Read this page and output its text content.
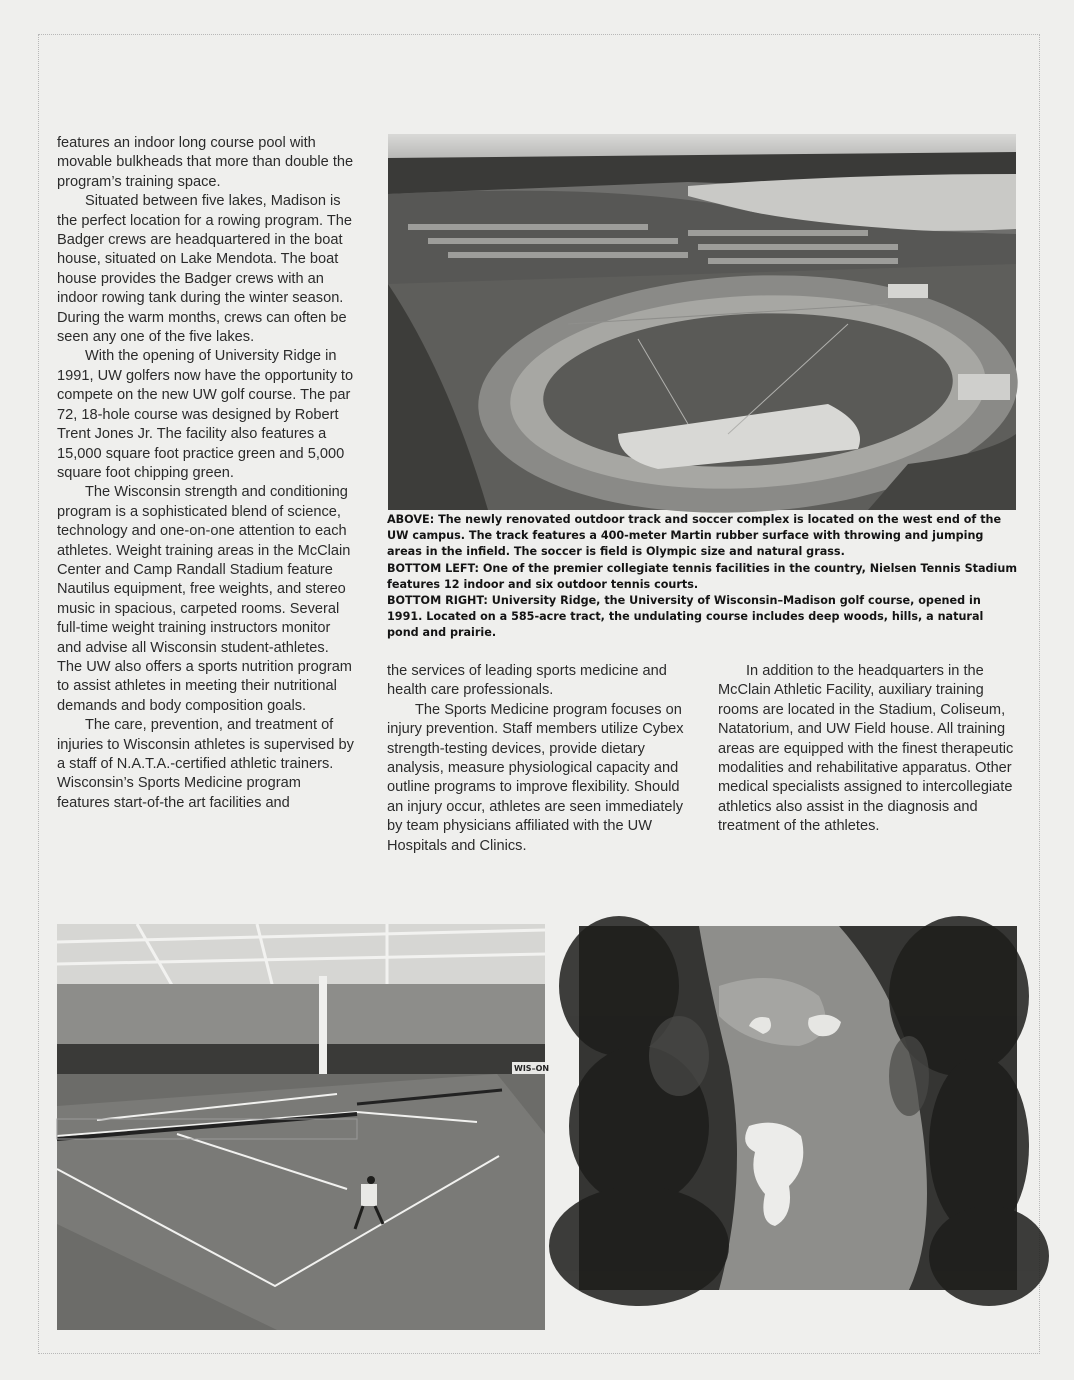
features an indoor long course pool with movable bulkheads that more than double the program’s training space.

Situated between five lakes, Madison is the perfect location for a rowing program. The Badger crews are headquartered in the boat house, situated on Lake Mendota. The boat house provides the Badger crews with an indoor rowing tank during the winter season. During the warm months, crews can often be seen any one of the five lakes.

With the opening of University Ridge in 1991, UW golfers now have the opportunity to compete on the new UW golf course. The par 72, 18-hole course was designed by Robert Trent Jones Jr. The facility also features a 15,000 square foot practice green and 5,000 square foot chipping green.

The Wisconsin strength and conditioning program is a sophisticated blend of science, technology and one-on-one attention to each athletes. Weight training areas in the McClain Center and Camp Randall Stadium feature Nautilus equipment, free weights, and stereo music in spacious, carpeted rooms. Several full-time weight training instructors monitor and advise all Wisconsin student-athletes. The UW also offers a sports nutrition program to assist athletes in meeting their nutritional demands and body composition goals.

The care, prevention, and treatment of injuries to Wisconsin athletes is supervised by a staff of N.A.T.A.-certified athletic trainers. Wisconsin’s Sports Medicine program features start-of-the art facilities and

ABOVE: The newly renovated outdoor track and soccer complex is located on the west end of the UW campus. The track features a 400-meter Martin rubber surface with throwing and jumping areas in the infield. The soccer is field is Olympic size and natural grass.

BOTTOM LEFT: One of the premier collegiate tennis facilities in the country, Nielsen Tennis Stadium features 12 indoor and six outdoor tennis courts.

BOTTOM RIGHT: University Ridge, the University of Wisconsin–Madison golf course, opened in 1991. Located on a 585-acre tract, the undulating course includes deep woods, hills, a natural pond and prairie.

the services of leading sports medicine and health care professionals.

The Sports Medicine program focuses on injury prevention. Staff members utilize Cybex strength-testing devices, provide dietary analysis, measure physiological capacity and outline programs to improve flexibility. Should an injury occur, athletes are seen immediately by team physicians affiliated with the UW Hospitals and Clinics.

In addition to the headquarters in the McClain Athletic Facility, auxiliary training rooms are located in the Stadium, Coliseum, Natatorium, and UW Field house. All training areas are equipped with the finest therapeutic modalities and rehabilitative apparatus. Other medical specialists assigned to intercollegiate athletics also assist in the diagnosis and treatment of the athletes.

WIS–ON
